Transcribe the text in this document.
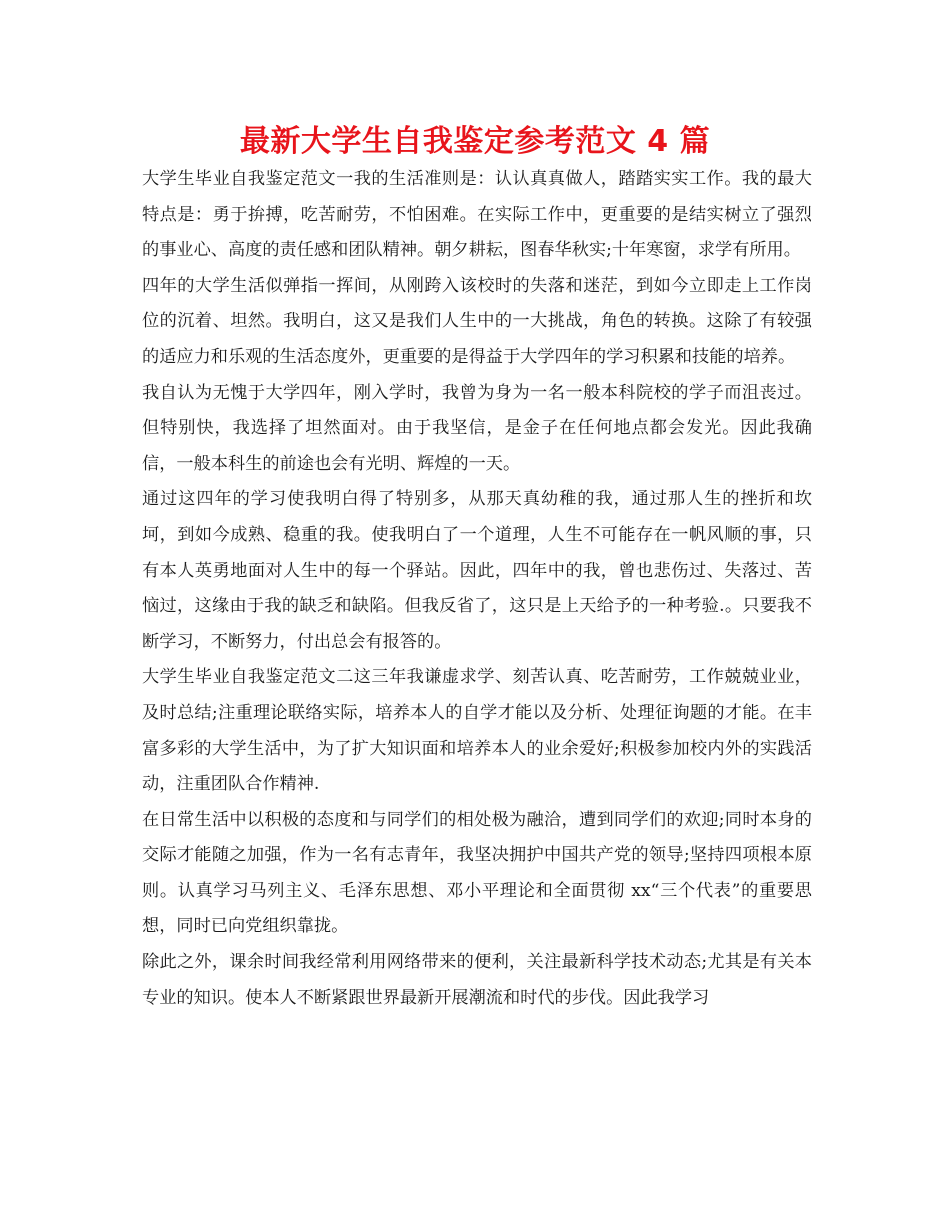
最新大学生自我鉴定参考范文 4 篇

大学生毕业自我鉴定范文一我的生活准则是：认认真真做人，踏踏实实工作。我的最大特点是：勇于拚搏，吃苦耐劳，不怕困难。在实际工作中，更重要的是结实树立了强烈的事业心、高度的责任感和团队精神。朝夕耕耘，图春华秋实;十年寒窗，求学有所用。

四年的大学生活似弹指一挥间，从刚跨入该校时的失落和迷茫，到如今立即走上工作岗位的沉着、坦然。我明白，这又是我们人生中的一大挑战，角色的转换。这除了有较强的适应力和乐观的生活态度外，更重要的是得益于大学四年的学习积累和技能的培养。

我自认为无愧于大学四年，刚入学时，我曾为身为一名一般本科院校的学子而沮丧过。但特别快，我选择了坦然面对。由于我坚信，是金子在任何地点都会发光。因此我确信，一般本科生的前途也会有光明、辉煌的一天。

通过这四年的学习使我明白得了特别多，从那天真幼稚的我，通过那人生的挫折和坎坷，到如今成熟、稳重的我。使我明白了一个道理，人生不可能存在一帆风顺的事，只有本人英勇地面对人生中的每一个驿站。因此，四年中的我，曾也悲伤过、失落过、苦恼过，这缘由于我的缺乏和缺陷。但我反省了，这只是上天给予的一种考验.。只要我不断学习，不断努力，付出总会有报答的。

大学生毕业自我鉴定范文二这三年我谦虚求学、刻苦认真、吃苦耐劳，工作兢兢业业，及时总结;注重理论联络实际，培养本人的自学才能以及分析、处理征询题的才能。在丰富多彩的大学生活中，为了扩大知识面和培养本人的业余爱好;积极参加校内外的实践活动，注重团队合作精神.

在日常生活中以积极的态度和与同学们的相处极为融洽，遭到同学们的欢迎;同时本身的交际才能随之加强，作为一名有志青年，我坚决拥护中国共产党的领导;坚持四项根本原则。认真学习马列主义、毛泽东思想、邓小平理论和全面贯彻 xx“三个代表”的重要思想，同时已向党组织靠拢。

除此之外，课余时间我经常利用网络带来的便利，关注最新科学技术动态;尤其是有关本专业的知识。使本人不断紧跟世界最新开展潮流和时代的步伐。因此我学习
